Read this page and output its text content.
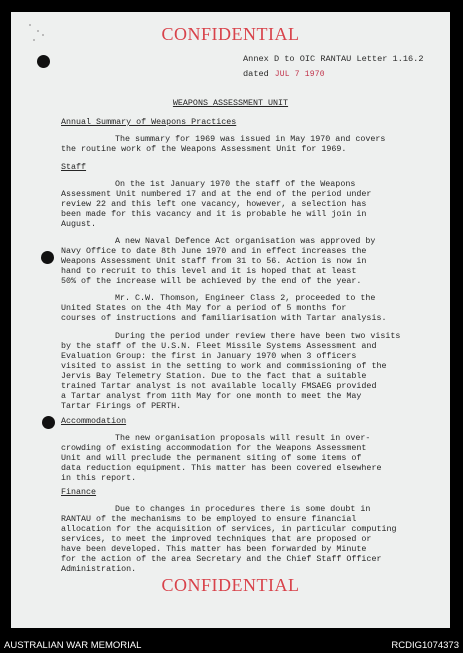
CONFIDENTIAL
Annex D to OIC RANTAU Letter 1.16.2
dated JUL 7 1970
WEAPONS ASSESSMENT UNIT
Annual Summary of Weapons Practices
The summary for 1969 was issued in May 1970 and covers
the routine work of the Weapons Assessment Unit for 1969.
Staff
On the 1st January 1970 the staff of the Weapons
Assessment Unit numbered 17 and at the end of the period under
review 22 and this left one vacancy, however, a selection has
been made for this vacancy and it is probable he will join in
August.
A new Naval Defence Act organisation was approved by
Navy Office to date 8th June 1970 and in effect increases the
Weapons Assessment Unit staff from 31 to 56. Action is now in
hand to recruit to this level and it is hoped that at least
50% of the increase will be achieved by the end of the year.
Mr. C.W. Thomson, Engineer Class 2, proceeded to the
United States on the 4th May for a period of 5 months for
courses of instructions and familiarisation with Tartar analysis.
During the period under review there have been two visits
by the staff of the U.S.N. Fleet Missile Systems Assessment and
Evaluation Group: the first in January 1970 when 3 officers
visited to assist in the setting to work and commissioning of the
Jervis Bay Telemetry Station. Due to the fact that a suitable
trained Tartar analyst is not available locally FMSAEG provided
a Tartar analyst from 11th May for one month to meet the May
Tartar Firings of PERTH.
Accommodation
The new organisation proposals will result in over-
crowding of existing accommodation for the Weapons Assessment
Unit and will preclude the permanent siting of some items of
data reduction equipment. This matter has been covered elsewhere
in this report.
Finance
Due to changes in procedures there is some doubt in
RANTAU of the mechanisms to be employed to ensure financial
allocation for the acquisition of services, in particular computing
services, to meet the improved techniques that are proposed or
have been developed. This matter has been forwarded by Minute
for the action of the area Secretary and the Chief Staff Officer
Administration.
CONFIDENTIAL
AUSTRALIAN WAR MEMORIAL	RCDIG1074373
